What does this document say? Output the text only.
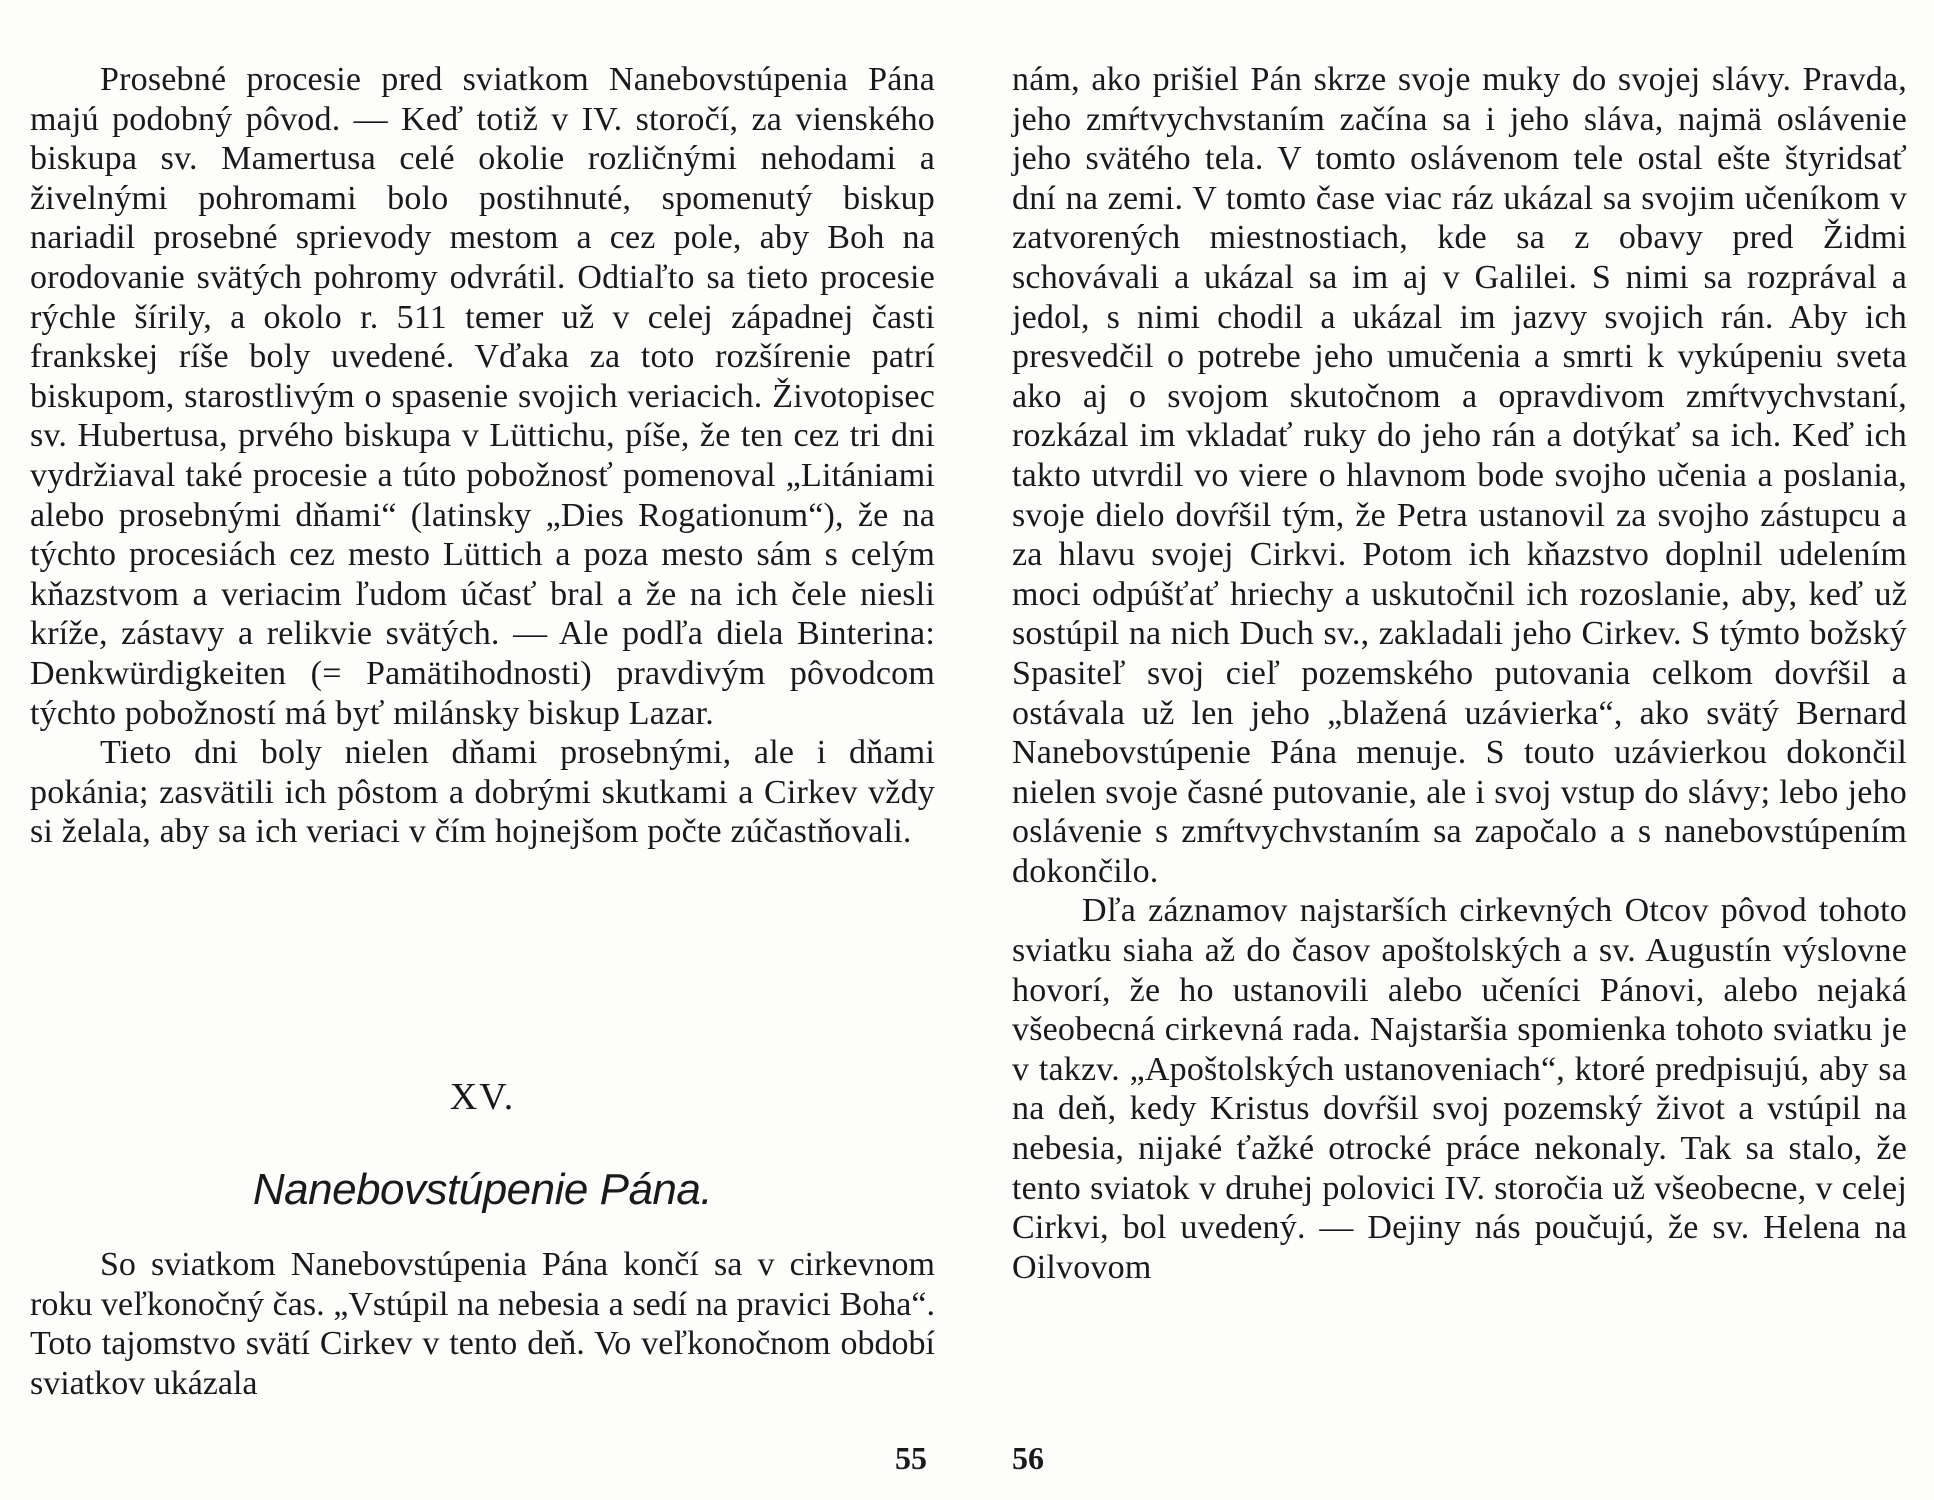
Prosebné procesie pred sviatkom Nanebovstúpenia Pána majú podobný pôvod. — Keď totiž v IV. storočí, za vienského biskupa sv. Mamertusa celé okolie rozličnými nehodami a živelnými pohromami bolo postihnuté, spomenutý biskup nariadil prosebné sprievody mestom a cez pole, aby Boh na orodovanie svätých pohromy odvrátil. Odtiaľto sa tieto procesie rýchle šírily, a okolo r. 511 temer už v celej západnej časti frankskej ríše boly uvedené. Vďaka za toto rozšírenie patrí biskupom, starostlivým o spasenie svojich veriacich. Životopisec sv. Hubertusa, prvého biskupa v Lüttichu, píše, že ten cez tri dni vydržiaval také procesie a túto pobožnosť pomenoval „Litániami alebo prosebnými dňami“ (latinsky „Dies Rogationum“), že na týchto procesiách cez mesto Lüttich a poza mesto sám s celým kňazstvom a veriacim ľudom účasť bral a že na ich čele niesli kríže, zástavy a relikvie svätých. — Ale podľa diela Binterina: Denkwürdigkeiten (= Pamätihodnosti) pravdivým pôvodcom týchto pobožností má byť milánsky biskup Lazar.

Tieto dni boly nielen dňami prosebnými, ale i dňami pokánia; zasvätili ich pôstom a dobrými skutkami a Cirkev vždy si želala, aby sa ich veriaci v čím hojnejšom počte zúčastňovali.

XV.
Nanebovstúpenie Pána.

So sviatkom Nanebovstúpenia Pána končí sa v cirkevnom roku veľkonočný čas. „Vstúpil na nebesia a sedí na pravici Boha“. Toto tajomstvo svätí Cirkev v tento deň. Vo veľkonočnom období sviatkov ukázala

55

nám, ako prišiel Pán skrze svoje muky do svojej slávy. Pravda, jeho zmŕtvychvstaním začína sa i jeho sláva, najmä oslávenie jeho svätého tela. V tomto oslávenom tele ostal ešte štyridsať dní na zemi. V tomto čase viac ráz ukázal sa svojim učeníkom v zatvorených miestnostiach, kde sa z obavy pred Židmi schovávali a ukázal sa im aj v Galilei. S nimi sa rozprával a jedol, s nimi chodil a ukázal im jazvy svojich rán. Aby ich presvedčil o potrebe jeho umučenia a smrti k vykúpeniu sveta ako aj o svojom skutočnom a opravdivom zmŕtvychvstaní, rozkázal im vkladať ruky do jeho rán a dotýkať sa ich. Keď ich takto utvrdil vo viere o hlavnom bode svojho učenia a poslania, svoje dielo dovŕšil tým, že Petra ustanovil za svojho zástupcu a za hlavu svojej Cirkvi. Potom ich kňazstvo doplnil udelením moci odpúšťať hriechy a uskutočnil ich rozoslanie, aby, keď už sostúpil na nich Duch sv., zakladali jeho Cirkev. S týmto božský Spasiteľ svoj cieľ pozemského putovania celkom dovŕšil a ostávala už len jeho „blažená uzávierka“, ako svätý Bernard Nanebovstúpenie Pána menuje. S touto uzávierkou dokončil nielen svoje časné putovanie, ale i svoj vstup do slávy; lebo jeho oslávenie s zmŕtvychvstaním sa započalo a s nanebovstúpením dokončilo.

Dľa záznamov najstarších cirkevných Otcov pôvod tohoto sviatku siaha až do časov apoštolských a sv. Augustín výslovne hovorí, že ho ustanovili alebo učeníci Pánovi, alebo nejaká všeobecná cirkevná rada. Najstaršia spomienka tohoto sviatku je v takzv. „Apoštolských ustanoveniach“, ktoré predpisujú, aby sa na deň, kedy Kristus dovŕšil svoj pozemský život a vstúpil na nebesia, nijaké ťažké otrocké práce nekonaly. Tak sa stalo, že tento sviatok v druhej polovici IV. storočia už všeobecne, v celej Cirkvi, bol uvedený. — Dejiny nás poučujú, že sv. Helena na Oilvovom

56
